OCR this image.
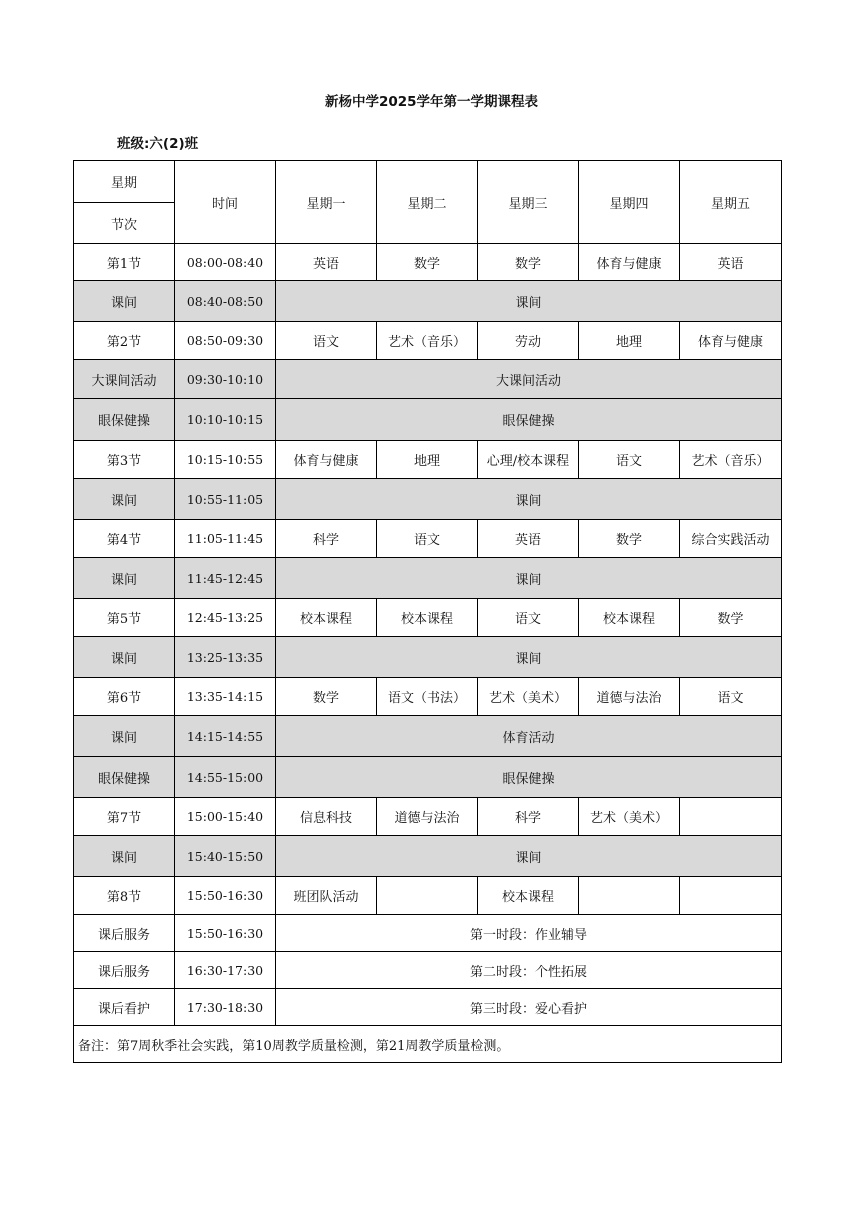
新杨中学2025学年第一学期课程表
班级:六(2)班
星期	时间	星期一	星期二	星期三	星期四	星期五
节次						
第1节	08:00-08:40	英语	数学	数学	体育与健康	英语
课间	08:40-08:50	课间				
第2节	08:50-09:30	语文	艺术（音乐）	劳动	地理	体育与健康
大课间活动	09:30-10:10	大课间活动				
眼保健操	10:10-10:15	眼保健操				
第3节	10:15-10:55	体育与健康	地理	心理/校本课程	语文	艺术（音乐）
课间	10:55-11:05	课间				
第4节	11:05-11:45	科学	语文	英语	数学	综合实践活动
课间	11:45-12:45	课间				
第5节	12:45-13:25	校本课程	校本课程	语文	校本课程	数学
课间	13:25-13:35	课间				
第6节	13:35-14:15	数学	语文（书法）	艺术（美术）	道德与法治	语文
课间	14:15-14:55	体育活动				
眼保健操	14:55-15:00	眼保健操				
第7节	15:00-15:40	信息科技	道德与法治	科学	艺术（美术）	
课间	15:40-15:50	课间				
第8节	15:50-16:30	班团队活动		校本课程		
课后服务	15:50-16:30	第一时段：作业辅导				
课后服务	16:30-17:30	第二时段：个性拓展				
课后看护	17:30-18:30	第三时段：爱心看护				
备注：第7周秋季社会实践，第10周教学质量检测，第21周教学质量检测。						
